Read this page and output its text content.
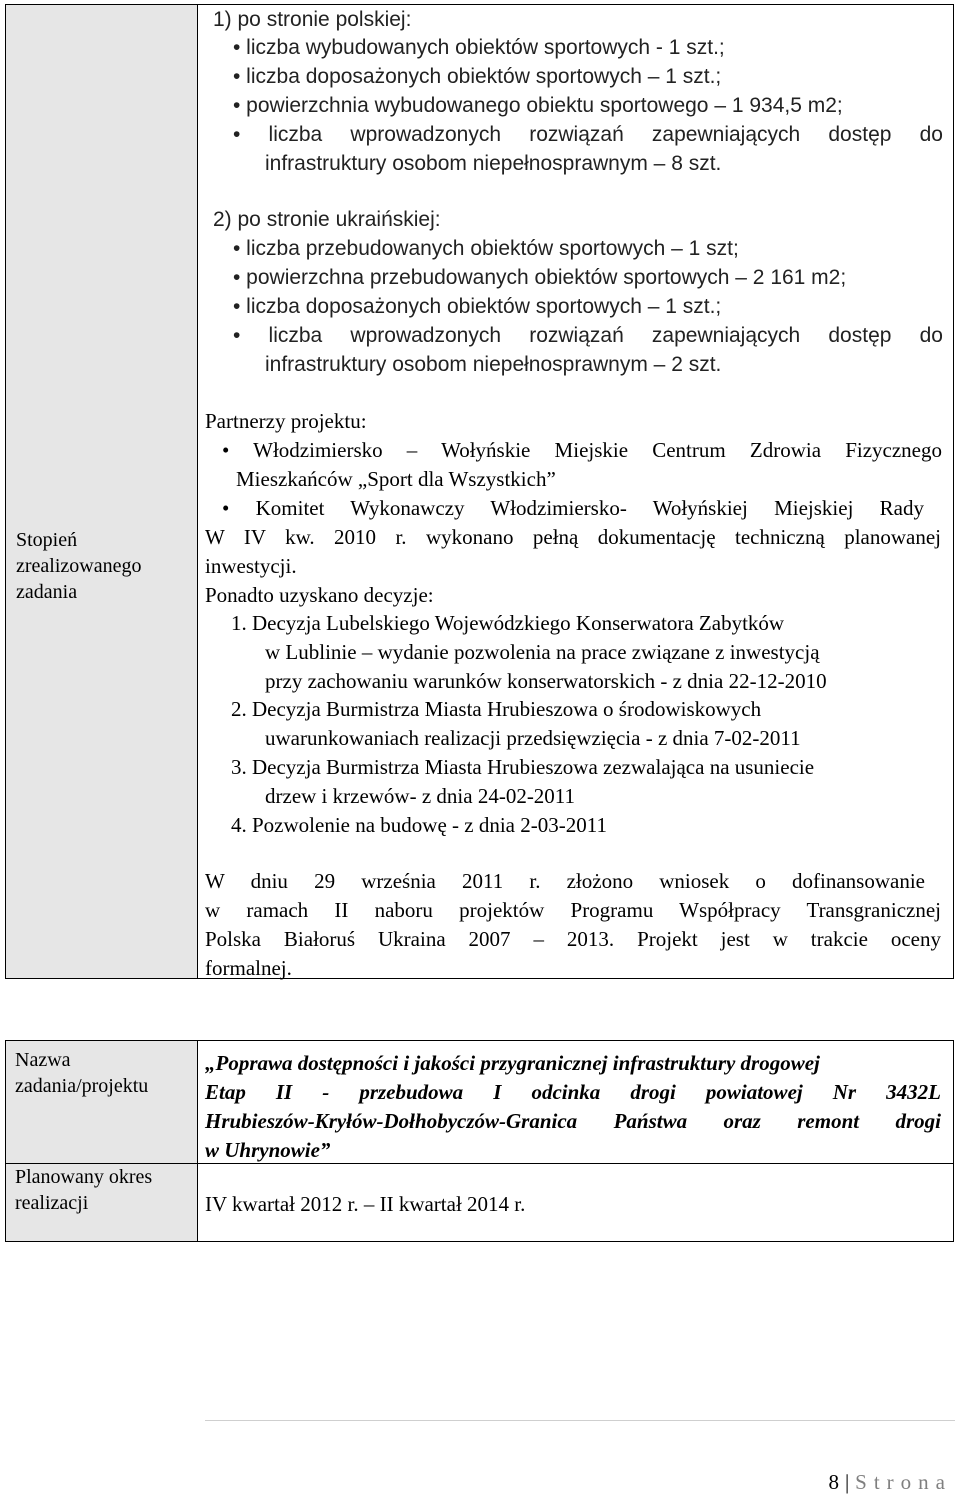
Stopień
zrealizowanego
zadania
1) po stronie polskiej:
• liczba wybudowanych obiektów sportowych - 1 szt.;
• liczba doposażonych obiektów sportowych – 1 szt.;
• powierzchnia wybudowanego obiektu sportowego – 1 934,5 m2;
• liczba wprowadzonych rozwiązań zapewniających dostęp do
infrastruktury osobom niepełnosprawnym – 8 szt.
2) po stronie ukraińskiej:
• liczba przebudowanych obiektów sportowych – 1 szt;
• powierzchna przebudowanych obiektów sportowych – 2 161 m2;
• liczba doposażonych obiektów sportowych – 1 szt.;
• liczba wprowadzonych rozwiązań zapewniających dostęp do
infrastruktury osobom niepełnosprawnym – 2 szt.
Partnerzy projektu:
• Włodzimiersko – Wołyńskie Miejskie Centrum Zdrowia Fizycznego
Mieszkańców „Sport dla Wszystkich”
• Komitet Wykonawczy Włodzimiersko- Wołyńskiej Miejskiej Rady
W IV kw. 2010 r. wykonano pełną dokumentację techniczną planowanej
inwestycji.
Ponadto uzyskano decyzje:
1. Decyzja Lubelskiego Wojewódzkiego Konserwatora Zabytków
w Lublinie – wydanie pozwolenia na prace związane z inwestycją
przy zachowaniu warunków konserwatorskich - z dnia 22-12-2010
2. Decyzja Burmistrza Miasta Hrubieszowa o środowiskowych
uwarunkowaniach realizacji przedsięwzięcia - z dnia 7-02-2011
3. Decyzja Burmistrza Miasta Hrubieszowa zezwalająca na usuniecie
drzew i krzewów- z dnia 24-02-2011
4. Pozwolenie na budowę - z dnia 2-03-2011
W dniu 29 września 2011 r. złożono wniosek o dofinansowanie
w ramach II naboru projektów Programu Współpracy Transgranicznej
Polska Białoruś Ukraina 2007 – 2013. Projekt jest w trakcie oceny
formalnej.
Nazwa
zadania/projektu
„Poprawa dostępności i jakości przygranicznej infrastruktury drogowej
Etap II - przebudowa I odcinka drogi powiatowej Nr 3432L
Hrubieszów-Kryłów-Dołhobyczów-Granica Państwa oraz remont drogi
w Uhrynowie”
Planowany okres
realizacji	IV kwartał 2012 r. – II kwartał 2014 r.
8 | Strona
